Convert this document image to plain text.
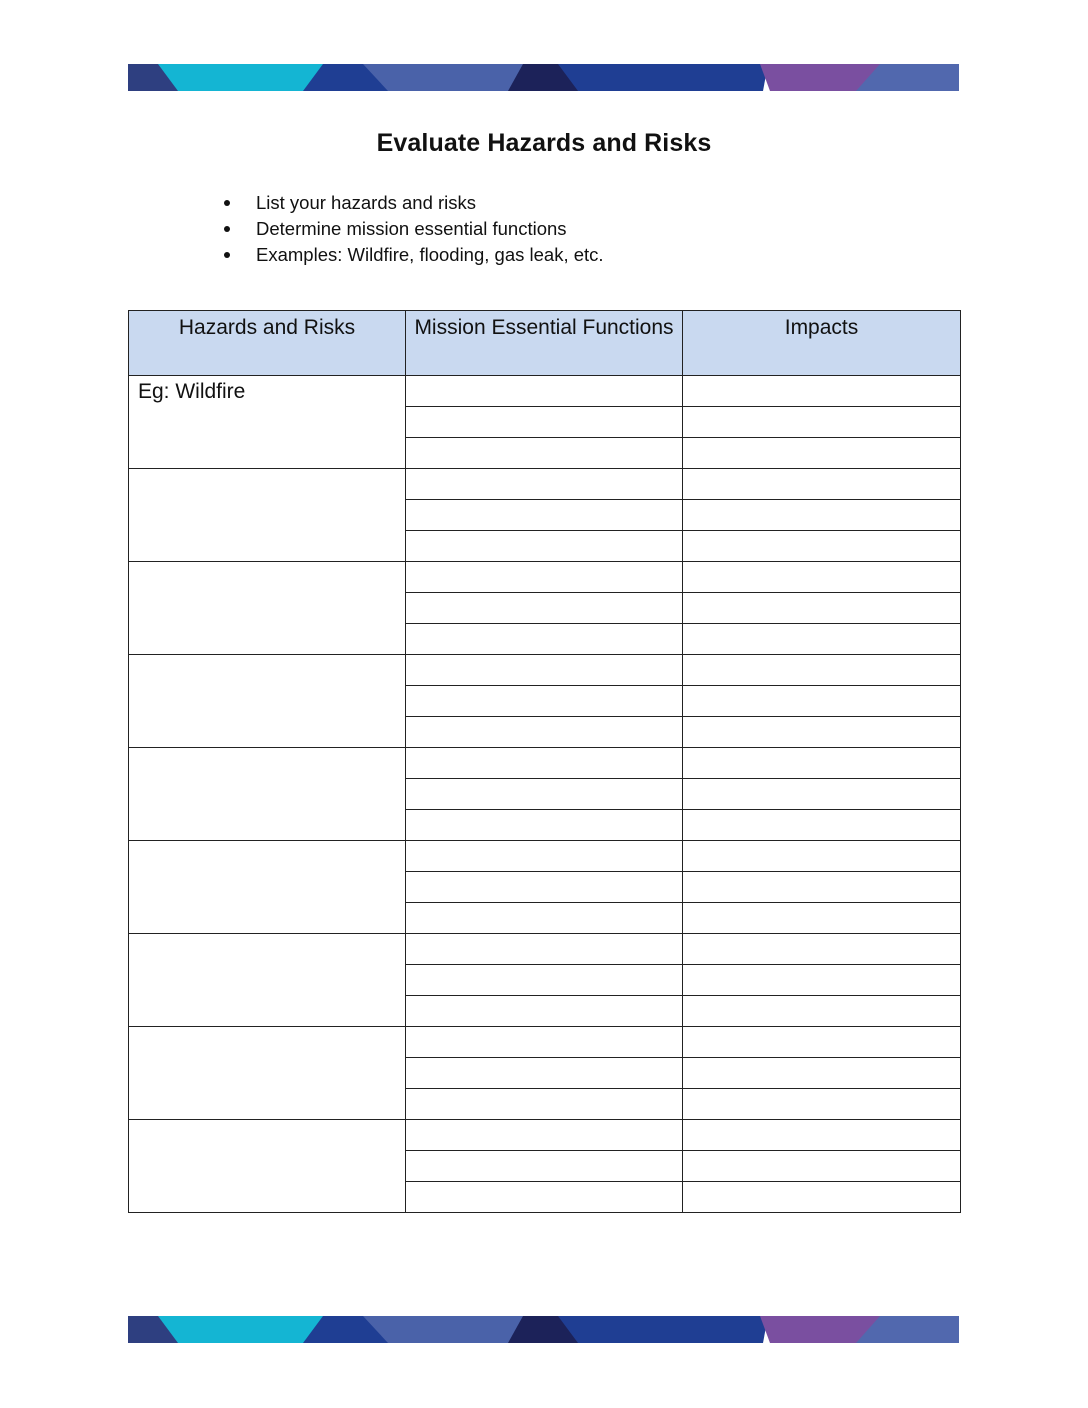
Evaluate Hazards and Risks
List your hazards and risks
Determine mission essential functions
Examples: Wildfire, flooding, gas leak, etc.
Hazards and Risks	Mission Essential Functions	Impacts
Eg: Wildfire		
